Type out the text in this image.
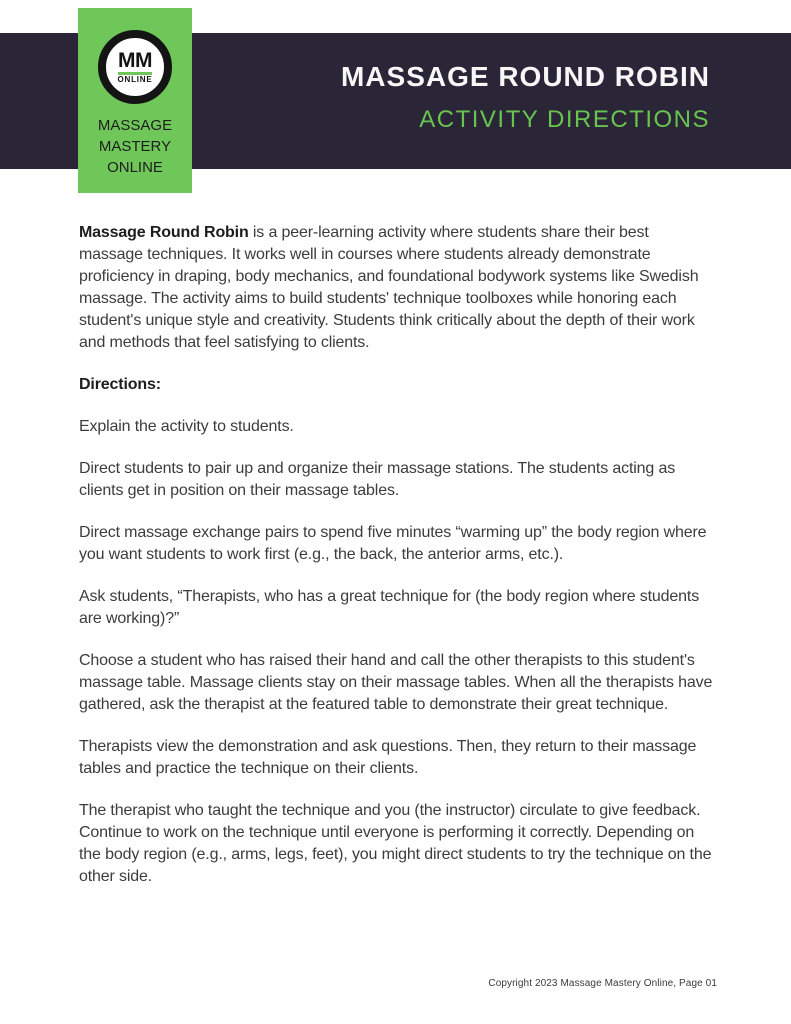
MASSAGE ROUND ROBIN
ACTIVITY DIRECTIONS
MM
ONLINE
MASSAGE
MASTERY
ONLINE

Massage Round Robin is a peer-learning activity where students share their best massage techniques. It works well in courses where students already demonstrate proficiency in draping, body mechanics, and foundational bodywork systems like Swedish massage. The activity aims to build students' technique toolboxes while honoring each student's unique style and creativity. Students think critically about the depth of their work and methods that feel satisfying to clients.

Directions:

Explain the activity to students.

Direct students to pair up and organize their massage stations. The students acting as clients get in position on their massage tables.

Direct massage exchange pairs to spend five minutes “warming up” the body region where you want students to work first (e.g., the back, the anterior arms, etc.).

Ask students, “Therapists, who has a great technique for (the body region where students are working)?”

Choose a student who has raised their hand and call the other therapists to this student's massage table. Massage clients stay on their massage tables. When all the therapists have gathered, ask the therapist at the featured table to demonstrate their great technique.

Therapists view the demonstration and ask questions. Then, they return to their massage tables and practice the technique on their clients.

The therapist who taught the technique and you (the instructor) circulate to give feedback. Continue to work on the technique until everyone is performing it correctly. Depending on the body region (e.g., arms, legs, feet), you might direct students to try the technique on the other side.

Copyright 2023 Massage Mastery Online, Page 01
